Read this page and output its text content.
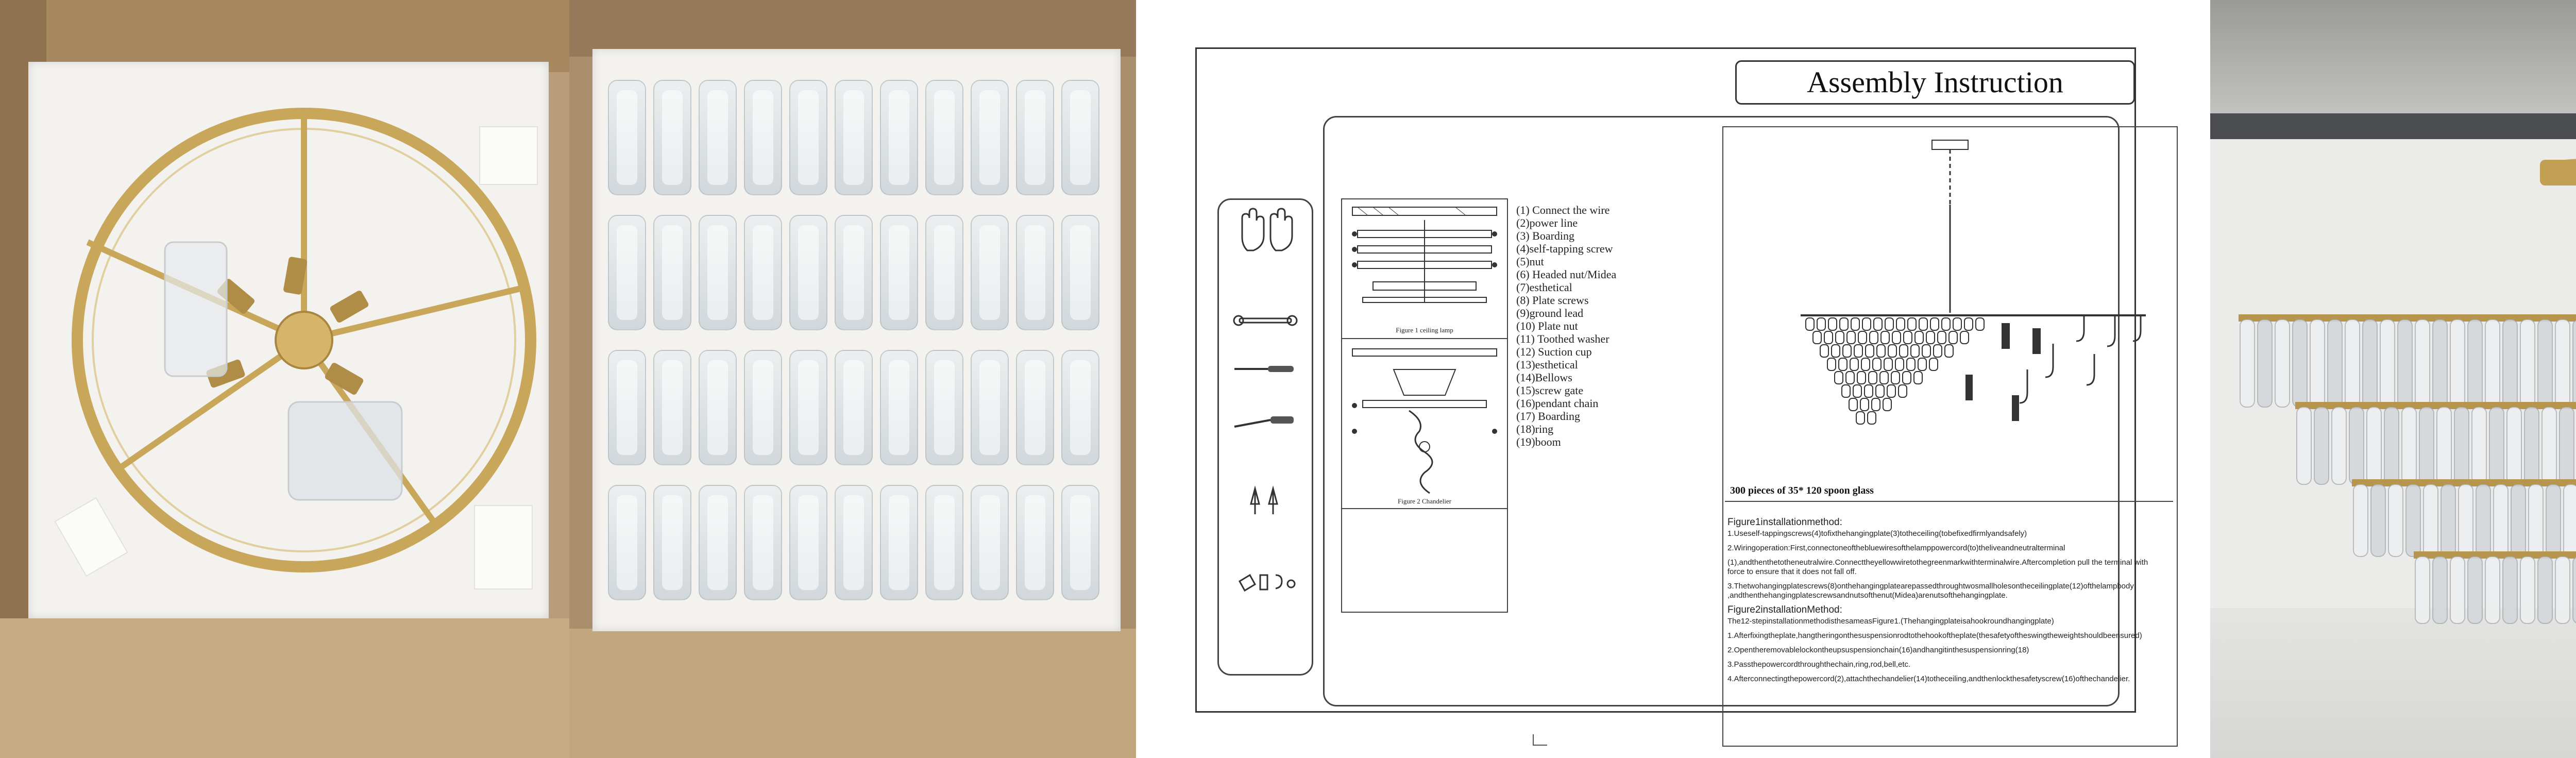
Assembly Instruction
Figure 1 ceiling lamp
Figure 2 Chandelier
(1) Connect the wire
(2)power line
(3) Boarding
(4)self-tapping screw
(5)nut
(6) Headed nut/Midea
(7)esthetical
(8) Plate screws
(9)ground lead
(10) Plate nut
(11) Toothed washer
(12) Suction cup
(13)esthetical
(14)Bellows
(15)screw gate
(16)pendant chain
(17) Boarding
(18)ring
(19)boom
300 pieces of 35* 120 spoon glass

Figure1installationmethod:

1.Useself-tappingscrews(4)tofixthehangingplate(3)totheceiling(tobefixedfirmlyandsafely)

2.Wiringoperation:First,connectoneofthebluewiresofthelamppowercord(to)theliveandneutralterminal

(1),andthenthetotheneutralwire.Connecttheyellowwiretothegreenmarkwithterminalwire.Aftercompletion pull the terminal with force to ensure that it does not fall off.

3.Thetwohangingplatescrews(8)onthehangingplatearepassedthroughtwosmallholesontheceilingplate(12)ofthelampbody ,andthenthehangingplatescrewsandnutsofthenut(Midea)arenutsofthehangingplate.

Figure2installationMethod:

The12-stepinstallationmethodisthesameasFigure1.(Thehangingplateisahookroundhangingplate)

1.Afterfixingtheplate,hangtheringonthesuspensionrodtothehookoftheplate(thesafetyoftheswingtheweightshouldbeensured)

2.Opentheremovablelockontheupsuspensionchain(16)andhangitinthesuspensionring(18)

3.Passthepowercordthroughthechain,ring,rod,bell,etc.

4.Afterconnectingthepowercord(2),attachthechandelier(14)totheceiling,andthenlockthesafetyscrew(16)ofthechandelier.
